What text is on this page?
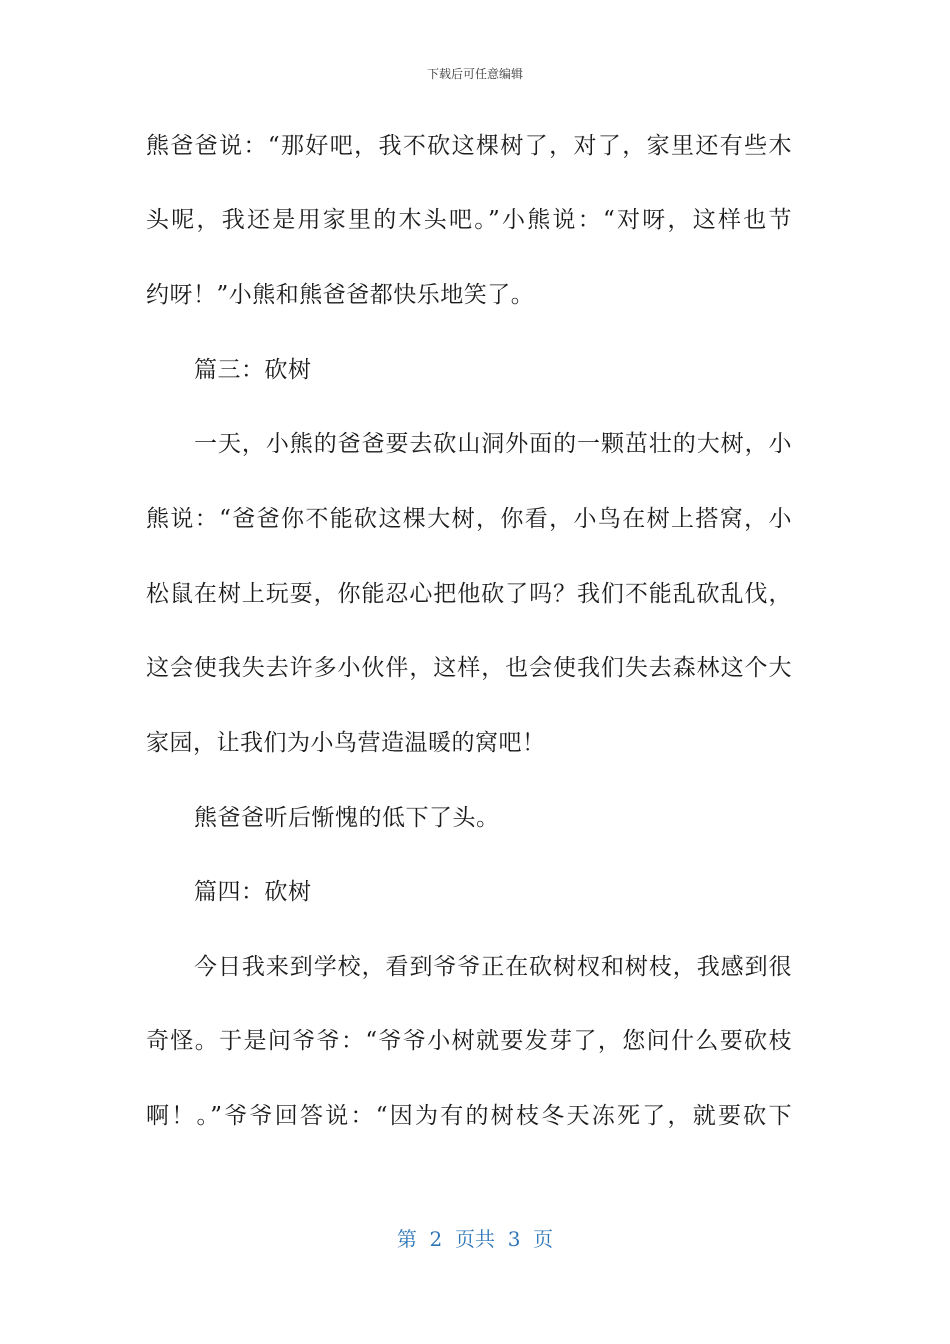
下载后可任意编辑
熊爸爸说：“那好吧，我不砍这棵树了，对了，家里还有些木
头呢，我还是用家里的木头吧。”小熊说：“对呀，这样也节
约呀！”小熊和熊爸爸都快乐地笑了。
篇三：砍树
一天，小熊的爸爸要去砍山洞外面的一颗茁壮的大树，小
熊说：“爸爸你不能砍这棵大树，你看，小鸟在树上搭窝，小
松鼠在树上玩耍，你能忍心把他砍了吗？我们不能乱砍乱伐，
这会使我失去许多小伙伴，这样，也会使我们失去森林这个大
家园，让我们为小鸟营造温暖的窝吧！
熊爸爸听后惭愧的低下了头。
篇四：砍树
今日我来到学校，看到爷爷正在砍树杈和树枝，我感到很
奇怪。于是问爷爷：“爷爷小树就要发芽了，您问什么要砍枝
啊！。”爷爷回答说：“因为有的树枝冬天冻死了，就要砍下
第  2  页共  3  页
